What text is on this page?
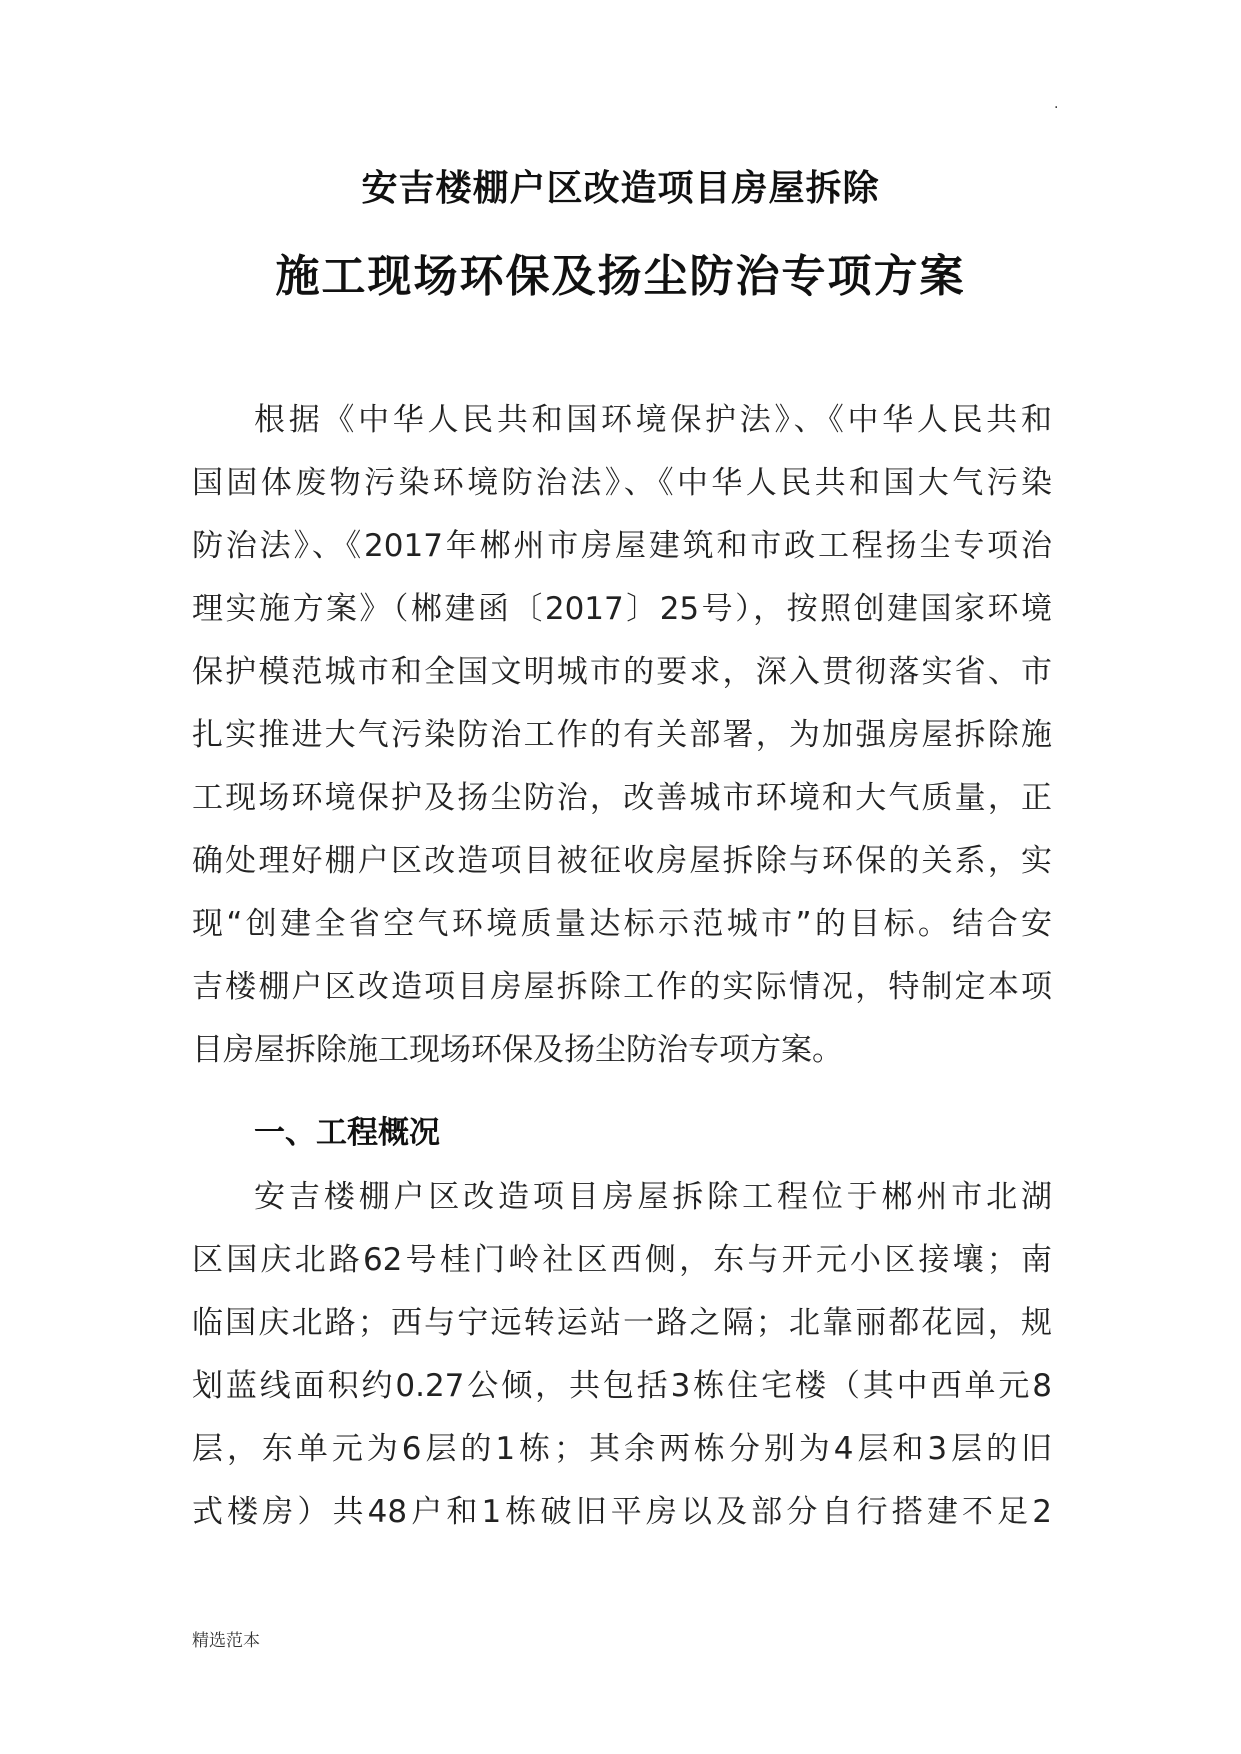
.
安吉楼棚户区改造项目房屋拆除
施工现场环保及扬尘防治专项方案
根据《中华人民共和国环境保护法》、《中华人民共和
国固体废物污染环境防治法》、《中华人民共和国大气污染
防治法》、《2017年郴州市房屋建筑和市政工程扬尘专项治
理实施方案》（郴建函〔2017〕25号），按照创建国家环境
保护模范城市和全国文明城市的要求，深入贯彻落实省、市
扎实推进大气污染防治工作的有关部署，为加强房屋拆除施
工现场环境保护及扬尘防治，改善城市环境和大气质量，正
确处理好棚户区改造项目被征收房屋拆除与环保的关系，实
现“创建全省空气环境质量达标示范城市”的目标。结合安
吉楼棚户区改造项目房屋拆除工作的实际情况，特制定本项
目房屋拆除施工现场环保及扬尘防治专项方案。
一、工程概况
安吉楼棚户区改造项目房屋拆除工程位于郴州市北湖
区国庆北路62号桂门岭社区西侧，东与开元小区接壤；南
临国庆北路；西与宁远转运站一路之隔；北靠丽都花园，规
划蓝线面积约0.27公倾，共包括3栋住宅楼（其中西单元8
层，东单元为6层的1栋；其余两栋分别为4层和3层的旧
式楼房）共48户和1栋破旧平房以及部分自行搭建不足2
精选范本
